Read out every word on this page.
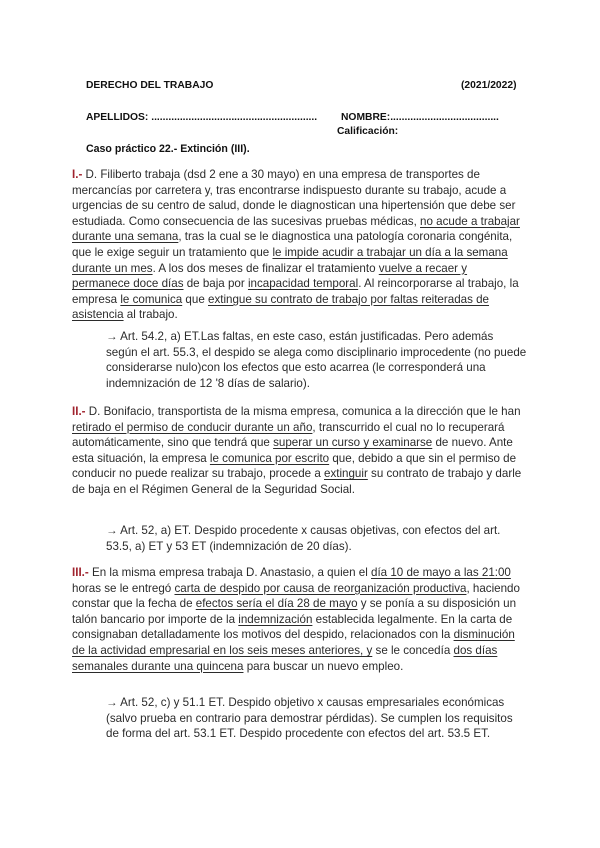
DERECHO DEL TRABAJO	(2021/2022)
APELLIDOS: .......................................................... NOMBRE:......................................
Calificación:
Caso práctico 22.- Extinción (III).
I.- D. Filiberto trabaja (dsd 2 ene a 30 mayo) en una empresa de transportes de mercancías por carretera y, tras encontrarse indispuesto durante su trabajo, acude a urgencias de su centro de salud, donde le diagnostican una hipertensión que debe ser estudiada. Como consecuencia de las sucesivas pruebas médicas, no acude a trabajar durante una semana, tras la cual se le diagnostica una patología coronaria congénita, que le exige seguir un tratamiento que le impide acudir a trabajar un día a la semana durante un mes. A los dos meses de finalizar el tratamiento vuelve a recaer y permanece doce días de baja por incapacidad temporal. Al reincorporarse al trabajo, la empresa le comunica que extingue su contrato de trabajo por faltas reiteradas de asistencia al trabajo.
→ Art. 54.2, a) ET.Las faltas, en este caso, están justificadas. Pero además según el art. 55.3, el despido se alega como disciplinario improcedente (no puede considerarse nulo)con los efectos que esto acarrea (le corresponderá una indemnización de 12 '8 días de salario).
II.- D. Bonifacio, transportista de la misma empresa, comunica a la dirección que le han retirado el permiso de conducir durante un año, transcurrido el cual no lo recuperará automáticamente, sino que tendrá que superar un curso y examinarse de nuevo. Ante esta situación, la empresa le comunica por escrito que, debido a que sin el permiso de conducir no puede realizar su trabajo, procede a extinguir su contrato de trabajo y darle de baja en el Régimen General de la Seguridad Social.
→ Art. 52, a) ET. Despido procedente x causas objetivas, con efectos del art. 53.5, a) ET y 53 ET (indemnización de 20 días).
III.- En la misma empresa trabaja D. Anastasio, a quien el día 10 de mayo a las 21:00 horas se le entregó carta de despido por causa de reorganización productiva, haciendo constar que la fecha de efectos sería el día 28 de mayo y se ponía a su disposición un talón bancario por importe de la indemnización establecida legalmente. En la carta de consignaban detalladamente los motivos del despido, relacionados con la disminución de la actividad empresarial en los seis meses anteriores, y se le concedía dos días semanales durante una quincena para buscar un nuevo empleo.
→ Art. 52, c) y 51.1 ET. Despido objetivo x causas empresariales económicas (salvo prueba en contrario para demostrar pérdidas). Se cumplen los requisitos de forma del art. 53.1 ET. Despido procedente con efectos del art. 53.5 ET.
